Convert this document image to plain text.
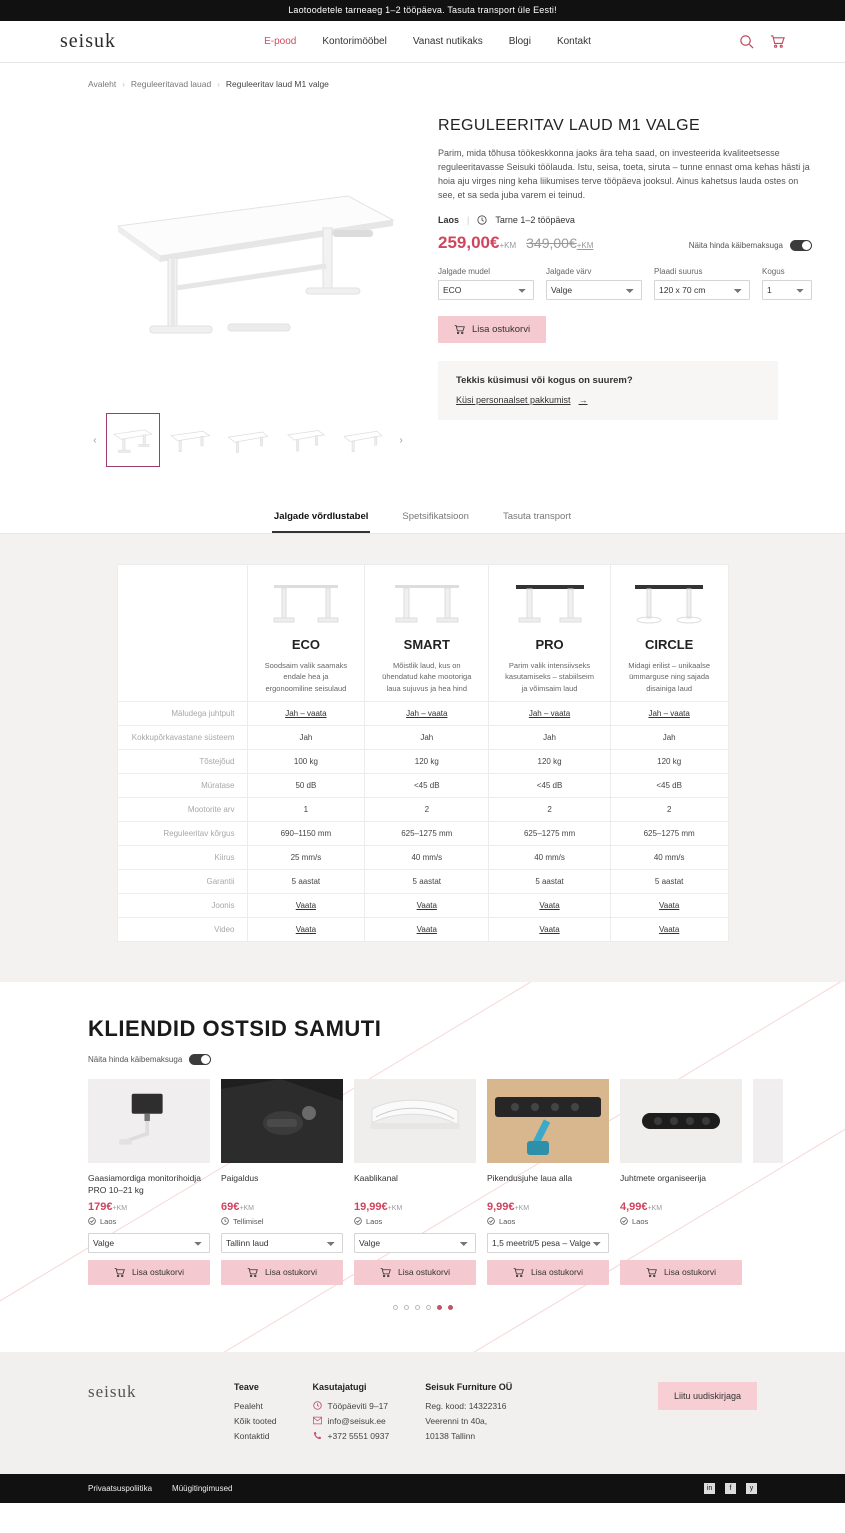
Laotoodetele tarneaeg 1–2 tööpäeva. Tasuta transport üle Eesti!
seisuk	E-pood	Kontorimööbel	Vanast nutikaks	Blogi	Kontakt
Avaleht › Reguleeritavad lauad › Reguleeritav laud M1 valge
‹	›
REGULEERITAV LAUD M1 VALGE

Parim, mida tõhusa töökeskkonna jaoks ära teha saad, on investeerida kvaliteetsesse reguleeritavasse Seisuki töölauda. Istu, seisa, toeta, siruta – tunne ennast oma kehas hästi ja hoia aju virges ning keha liikumises terve tööpäeva jooksul. Ainus kahetsus lauda ostes on see, et sa seda juba varem ei teinud.

Laos |	Tarne 1–2 tööpäeva
259,00€+KM 349,00€+KM	Näita hinda käibemaksuga
Jalgade mudel
ECO	Jalgade värv
Valge	Plaadi suurus
120 x 70 cm	Kogus
1
Lisa ostukorvi
Tekkis küsimusi või kogus on suurem?
Küsi personaalset pakkumist →
Jalgade võrdlustabel	Spetsifikatsioon	Tasuta transport

ECO
Soodsaim valik saamaks endale hea ja ergonoomiline seisulaud

SMART
Mõistlik laud, kus on ühendatud kahe mootoriga laua sujuvus ja hea hind

PRO
Parim valik intensiivseks kasutamiseks – stabiilseim ja võimsaim laud

CIRCLE
Midagi erilist – unikaalse ümmarguse ning sajada disainiga laud

Mäludega juhtpult	Jah – vaata	Jah – vaata	Jah – vaata	Jah – vaata
Kokkupõrkavastane süsteem	Jah	Jah	Jah	Jah
Tõstejõud	100 kg	120 kg	120 kg	120 kg
Müratase	50 dB	<45 dB	<45 dB	<45 dB
Mootorite arv	1	2	2	2
Reguleeritav kõrgus	690–1150 mm	625–1275 mm	625–1275 mm	625–1275 mm
Kiirus	25 mm/s	40 mm/s	40 mm/s	40 mm/s
Garantii	5 aastat	5 aastat	5 aastat	5 aastat
Joonis	Vaata	Vaata	Vaata	Vaata
Video	Vaata	Vaata	Vaata	Vaata
KLIENDID OSTSID SAMUTI
Näita hinda käibemaksuga
Gaasiamordiga monitorihoidja PRO 10–21 kg
179€+KM
Laos
Valge
Lisa ostukorvi
Paigaldus
69€+KM
Tellimisel
Tallinn laud
Lisa ostukorvi
Kaablikanal
19,99€+KM
Laos
Valge
Lisa ostukorvi
Pikendusjuhe laua alla
9,99€+KM
Laos
1,5 meetrit/5 pesa – Valge
Lisa ostukorvi
Juhtmete organiseerija
4,99€+KM
Laos
Lisa ostukorvi
seisuk	Teave
Pealeht
Kõik tooted
Kontaktid
Kasutajatugi
Tööpäeviti 9–17
info@seisuk.ee
+372 5551 0937
Seisuk Furniture OÜ
Reg. kood: 14322316
Veerenni tn 40a,
10138 Tallinn
Liitu uudiskirjaga
Privaatsuspoliitika	Müügitingimused	in	f	y
